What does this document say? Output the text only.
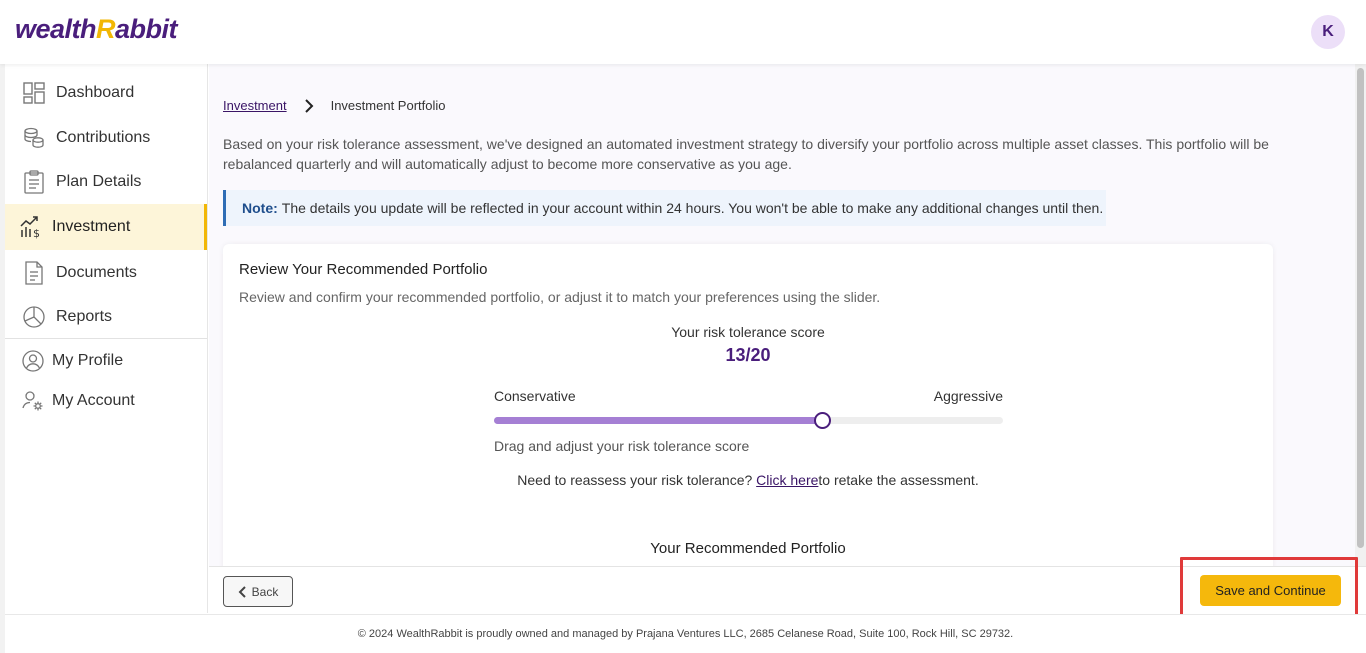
wealth Rabbit	K
Dashboard
Contributions
Plan Details
$ Investment
Documents
Reports
My Profile
My Account
Investment	Investment Portfolio

Based on your risk tolerance assessment, we've designed an automated investment strategy to diversify your portfolio across multiple asset classes. This portfolio will be rebalanced quarterly and will automatically adjust to become more conservative as you age.

Note: The details you update will be reflected in your account within 24 hours. You won't be able to make any additional changes until then.
Review Your Recommended Portfolio
Review and confirm your recommended portfolio, or adjust it to match your preferences using the slider.
Your risk tolerance score
13/20
Conservative	Aggressive
Drag and adjust your risk tolerance score
Need to reassess your risk tolerance? Click hereto retake the assessment.
Your Recommended Portfolio
Back	Save and Continue
© 2024 WealthRabbit is proudly owned and managed by Prajana Ventures LLC, 2685 Celanese Road, Suite 100, Rock Hill, SC 29732.
